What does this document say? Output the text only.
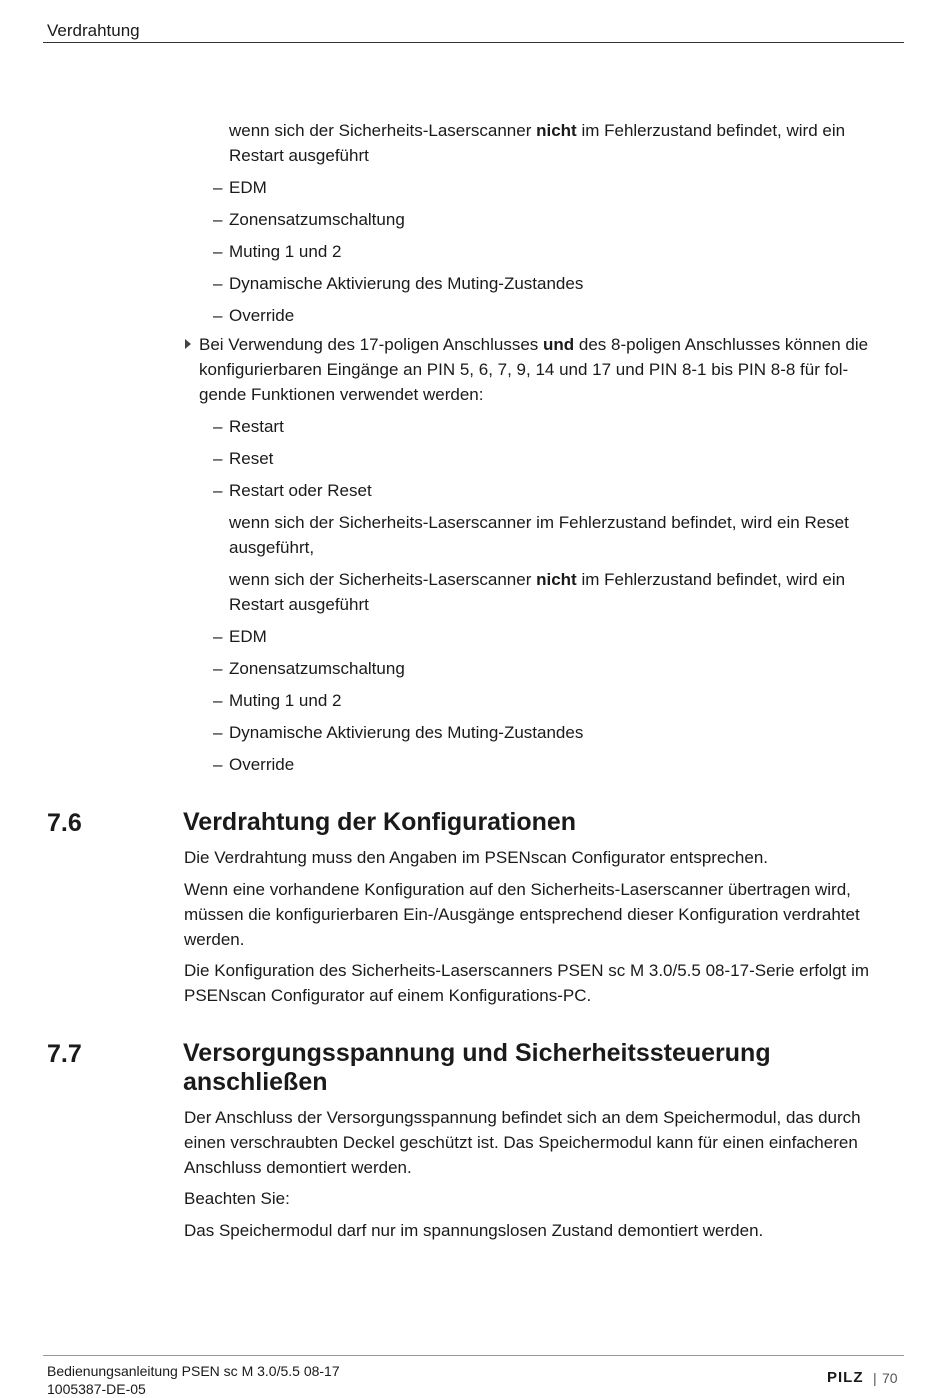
Verdrahtung
wenn sich der Sicherheits-Laserscanner nicht im Fehlerzustand befindet, wird ein
Restart ausgeführt
– EDM
– Zonensatzumschaltung
– Muting 1 und 2
– Dynamische Aktivierung des Muting-Zustandes
– Override
Bei Verwendung des 17-poligen Anschlusses und des 8-poligen Anschlusses können die
konfigurierbaren Eingänge an PIN 5, 6, 7, 9, 14 und 17 und PIN 8-1 bis PIN 8-8 für fol-
gende Funktionen verwendet werden:
– Restart
– Reset
– Restart oder Reset
wenn sich der Sicherheits-Laserscanner im Fehlerzustand befindet, wird ein Reset
ausgeführt,
wenn sich der Sicherheits-Laserscanner nicht im Fehlerzustand befindet, wird ein
Restart ausgeführt
– EDM
– Zonensatzumschaltung
– Muting 1 und 2
– Dynamische Aktivierung des Muting-Zustandes
– Override
7.6	Verdrahtung der Konfigurationen
Die Verdrahtung muss den Angaben im PSENscan Configurator entsprechen.
Wenn eine vorhandene Konfiguration auf den Sicherheits-Laserscanner übertragen wird,
müssen die konfigurierbaren Ein-/Ausgänge entsprechend dieser Konfiguration verdrahtet
werden.
Die Konfiguration des Sicherheits-Laserscanners PSEN sc M 3.0/5.5 08-17-Serie erfolgt im
PSENscan Configurator auf einem Konfigurations-PC.
7.7	Versorgungsspannung und Sicherheitssteuerung
anschließen
Der Anschluss der Versorgungsspannung befindet sich an dem Speichermodul, das durch
einen verschraubten Deckel geschützt ist. Das Speichermodul kann für einen einfacheren
Anschluss demontiert werden.
Beachten Sie:
Das Speichermodul darf nur im spannungslosen Zustand demontiert werden.
Bedienungsanleitung PSEN sc M 3.0/5.5 08-17
1005387-DE-05
PILZ | 70
